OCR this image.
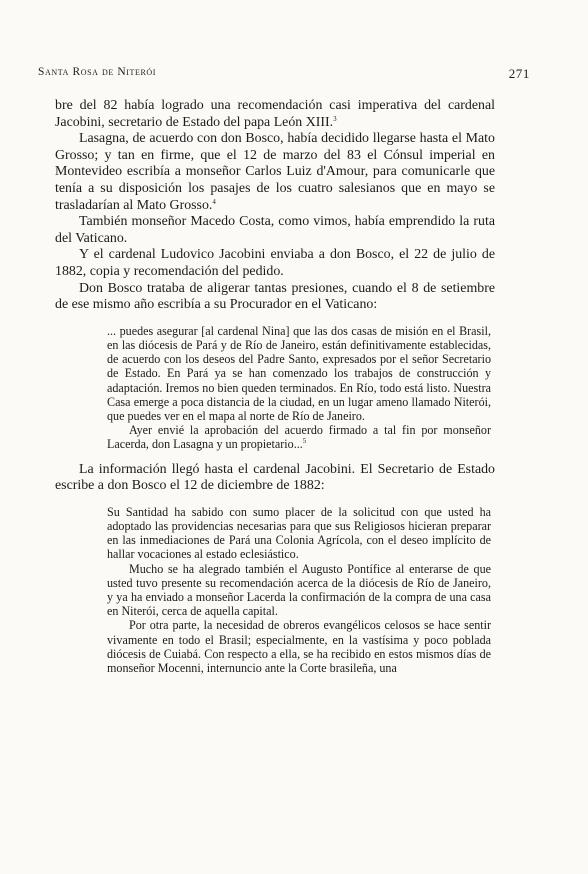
Santa Rosa de Niterói	271

bre del 82 había logrado una recomendación casi imperativa del cardenal Jacobini, secretario de Estado del papa León XIII.$^3$

Lasagna, de acuerdo con don Bosco, había decidido llegarse hasta el Mato Grosso; y tan en firme, que el 12 de marzo del 83 el Cónsul imperial en Montevideo escribía a monseñor Carlos Luiz d'Amour, para comunicarle que tenía a su disposición los pasajes de los cuatro salesianos que en mayo se trasladarían al Mato Grosso.$^4$

También monseñor Macedo Costa, como vimos, había emprendido la ruta del Vaticano.

Y el cardenal Ludovico Jacobini enviaba a don Bosco, el 22 de julio de 1882, copia y recomendación del pedido.

Don Bosco trataba de aligerar tantas presiones, cuando el 8 de setiembre de ese mismo año escribía a su Procurador en el Vaticano:

... puedes asegurar [al cardenal Nina] que las dos casas de misión en el Brasil, en las diócesis de Pará y de Río de Janeiro, están definitivamente establecidas, de acuerdo con los deseos del Padre Santo, expresados por el señor Secretario de Estado. En Pará ya se han comenzado los trabajos de construcción y adaptación. Iremos no bien queden terminados. En Río, todo está listo. Nuestra Casa emerge a poca distancia de la ciudad, en un lugar ameno llamado Niterói, que puedes ver en el mapa al norte de Río de Janeiro.

Ayer envié la aprobación del acuerdo firmado a tal fin por monseñor Lacerda, don Lasagna y un propietario...$^5$

La información llegó hasta el cardenal Jacobini. El Secretario de Estado escribe a don Bosco el 12 de diciembre de 1882:

Su Santidad ha sabido con sumo placer de la solicitud con que usted ha adoptado las providencias necesarias para que sus Religiosos hicieran preparar en las inmediaciones de Pará una Colonia Agrícola, con el deseo implícito de hallar vocaciones al estado eclesiástico.

Mucho se ha alegrado también el Augusto Pontífice al enterarse de que usted tuvo presente su recomendación acerca de la diócesis de Río de Janeiro, y ya ha enviado a monseñor Lacerda la confirmación de la compra de una casa en Niterói, cerca de aquella capital.

Por otra parte, la necesidad de obreros evangélicos celosos se hace sentir vivamente en todo el Brasil; especialmente, en la vastísima y poco poblada diócesis de Cuiabá. Con respecto a ella, se ha recibido en estos mismos días de monseñor Mocenni, internuncio ante la Corte brasileña, una
